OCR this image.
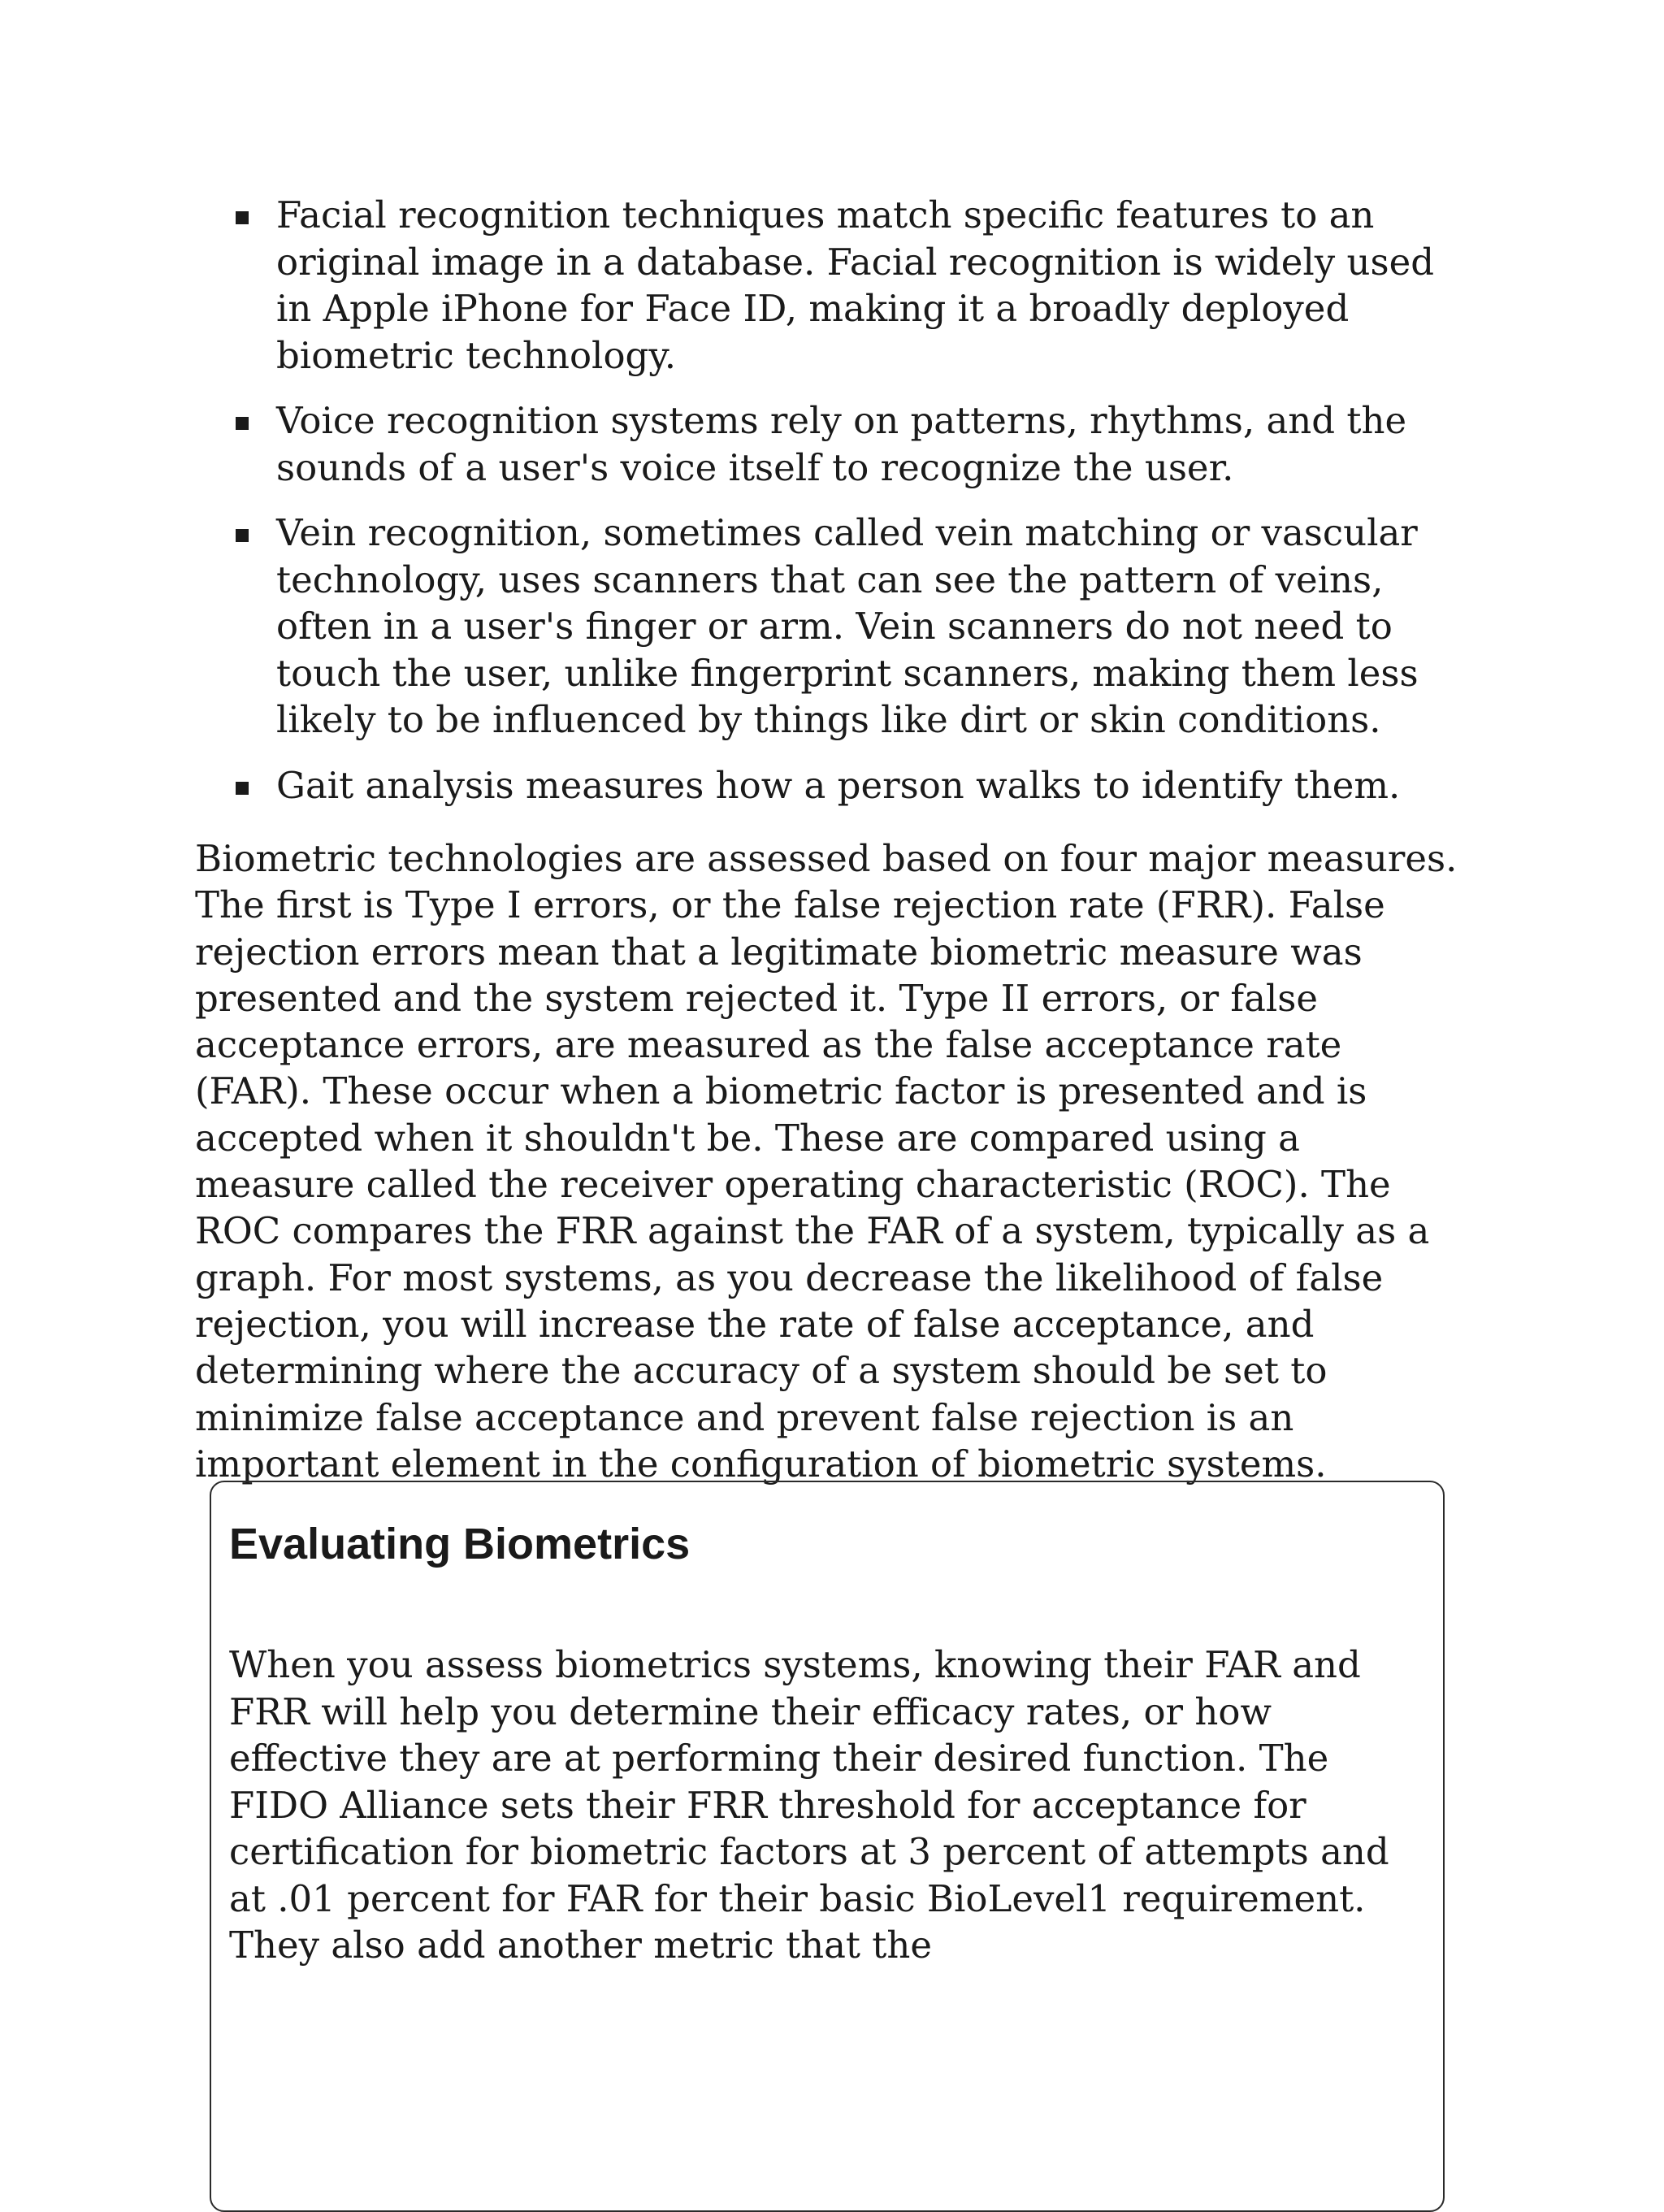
Facial recognition techniques match specific features to an original image in a database. Facial recognition is widely used in Apple iPhone for Face ID, making it a broadly deployed biometric technology.
Voice recognition systems rely on patterns, rhythms, and the sounds of a user's voice itself to recognize the user.
Vein recognition, sometimes called vein matching or vascular technology, uses scanners that can see the pattern of veins, often in a user's finger or arm. Vein scanners do not need to touch the user, unlike fingerprint scanners, making them less likely to be influenced by things like dirt or skin conditions.
Gait analysis measures how a person walks to identify them.

Biometric technologies are assessed based on four major measures. The first is Type I errors, or the false rejection rate (FRR). False rejection errors mean that a legitimate biometric measure was presented and the system rejected it. Type II errors, or false acceptance errors, are measured as the false acceptance rate (FAR). These occur when a biometric factor is presented and is accepted when it shouldn't be. These are compared using a measure called the receiver operating characteristic (ROC). The ROC compares the FRR against the FAR of a system, typically as a graph. For most systems, as you decrease the likelihood of false rejection, you will increase the rate of false acceptance, and determining where the accuracy of a system should be set to minimize false acceptance and prevent false rejection is an important element in the configuration of biometric systems.

Evaluating Biometrics

When you assess biometrics systems, knowing their FAR and FRR will help you determine their efficacy rates, or how effective they are at performing their desired function. The FIDO Alliance sets their FRR threshold for acceptance for certification for biometric factors at 3 percent of attempts and at .01 percent for FAR for their basic BioLevel1 requirement. They also add another metric that the
